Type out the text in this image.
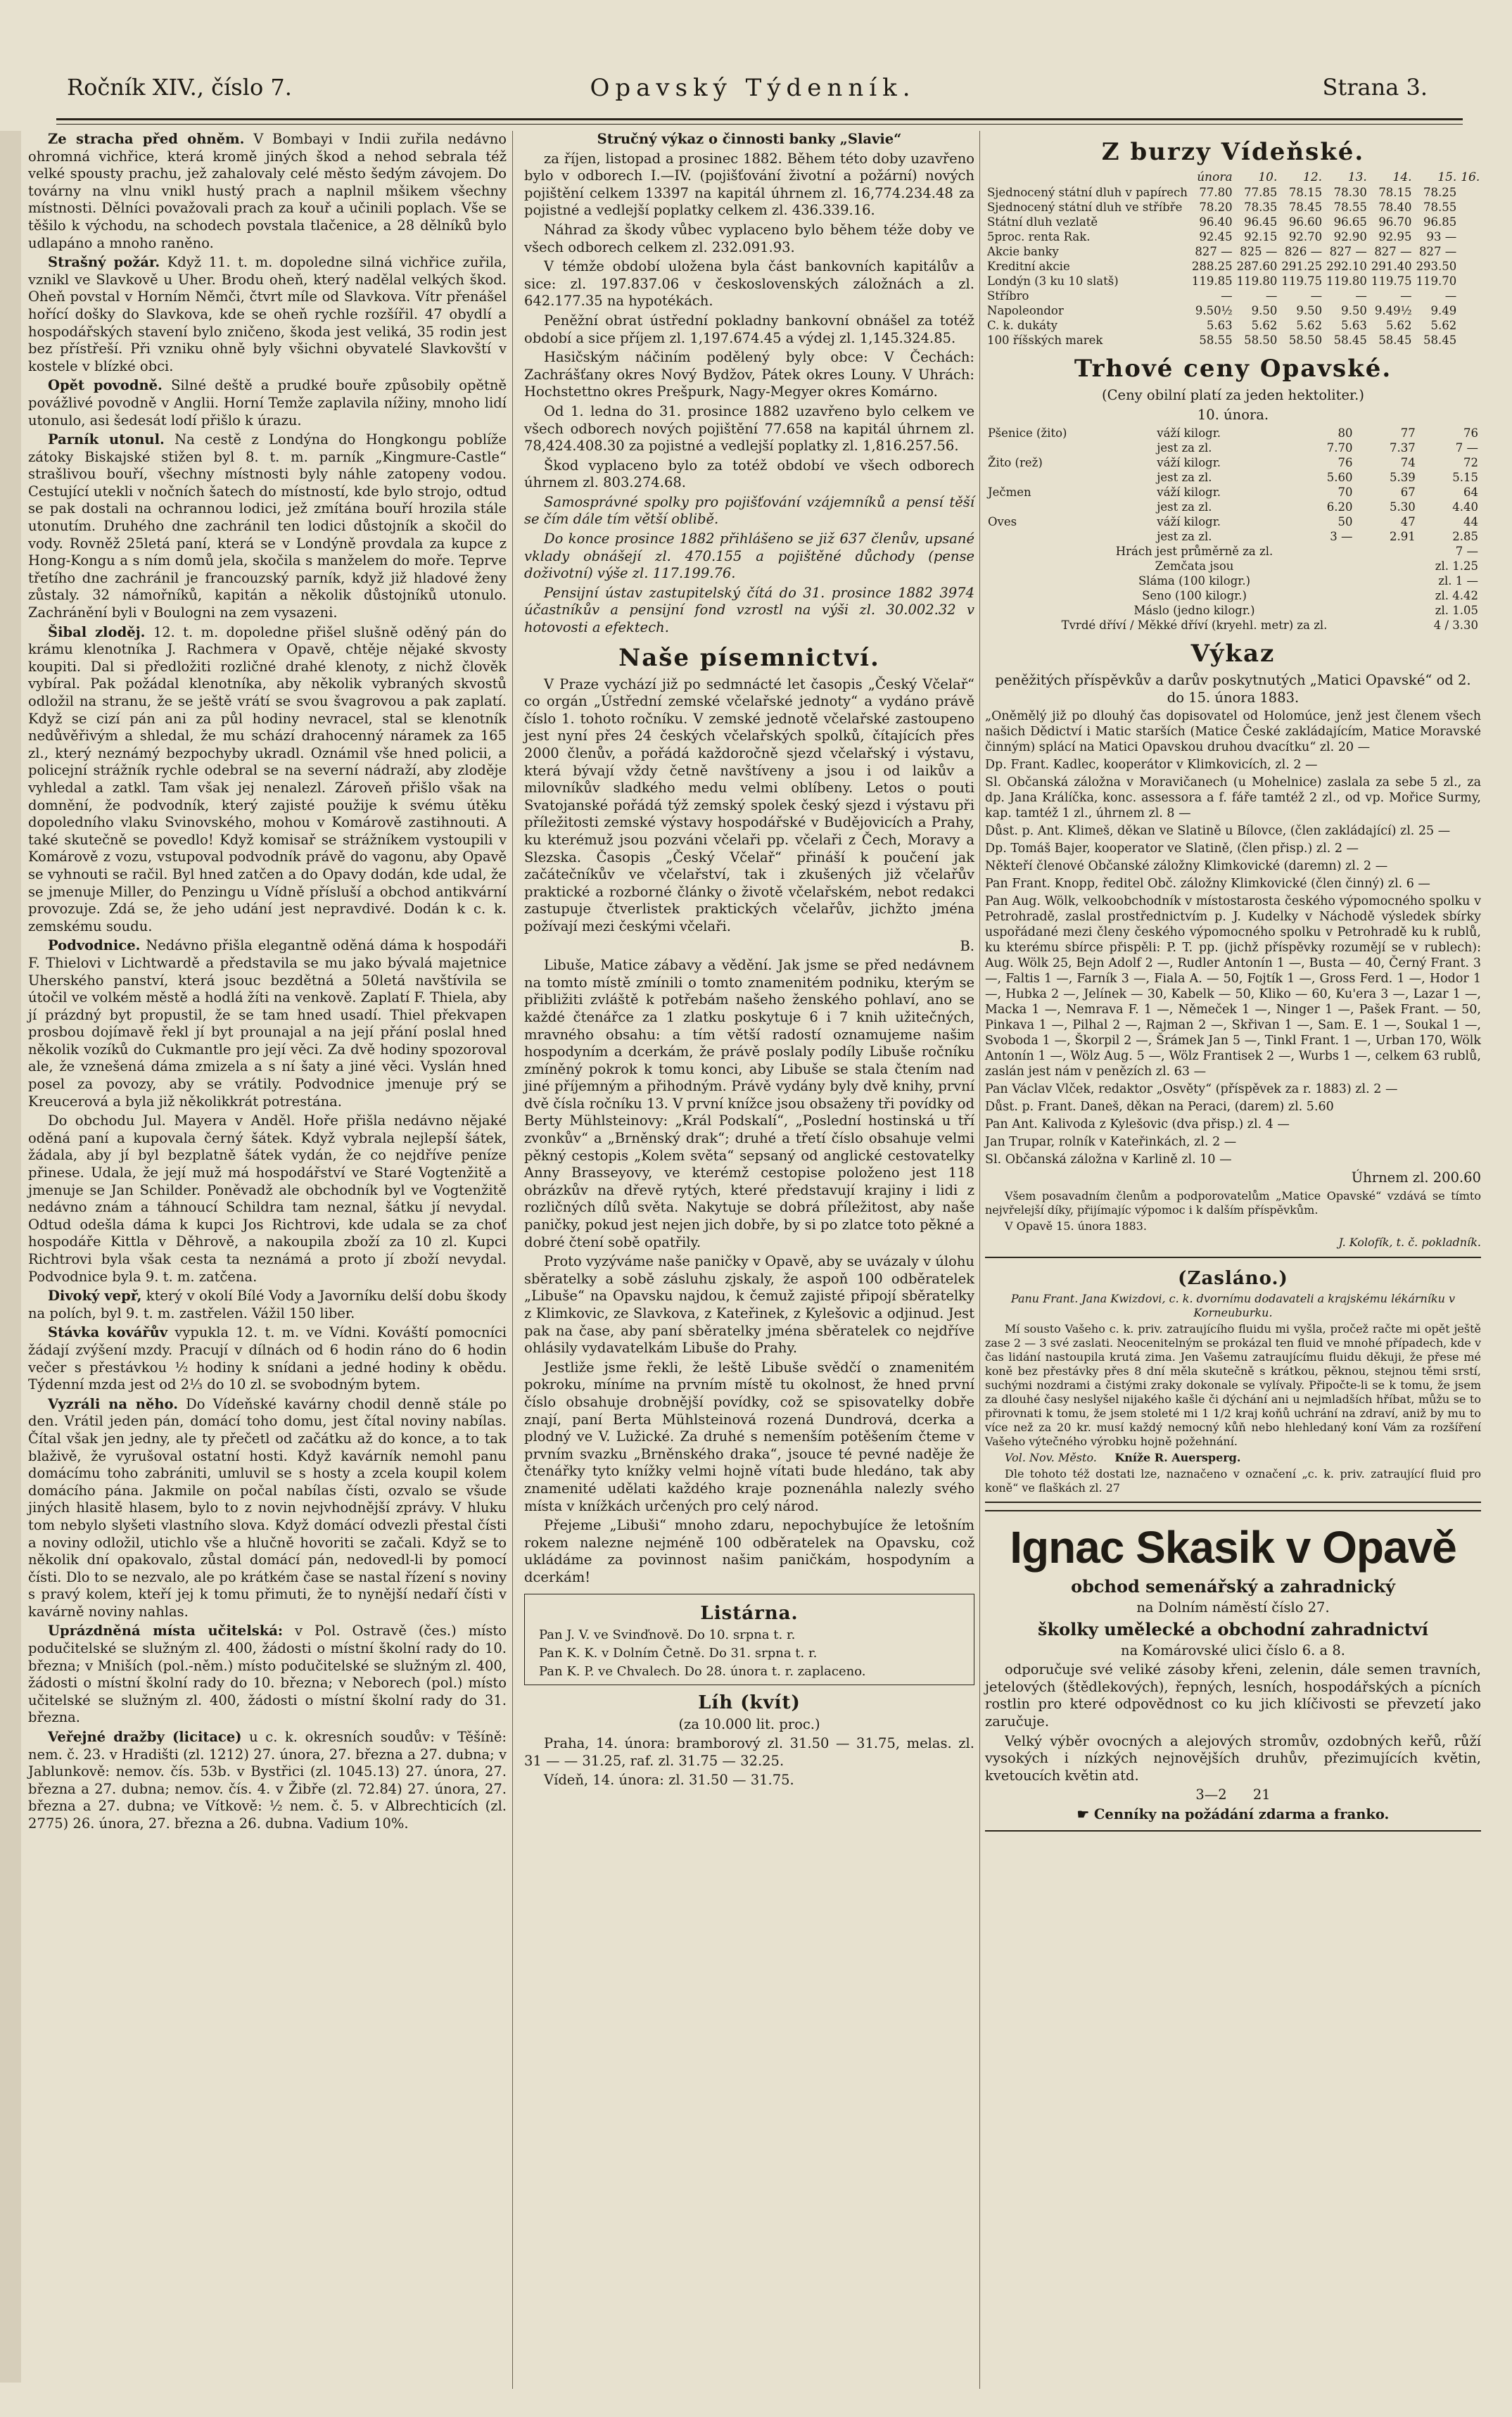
Ročník XIV., číslo 7.	Opavský Týdenník.	Strana 3.

Ze stracha před ohněm. V Bombayi v Indii zuřila nedávno ohromná vichřice, která kromě jiných škod a nehod sebrala též velké spousty prachu, jež zahalovaly celé město šedým závojem. Do továrny na vlnu vnikl hustý prach a naplnil mšikem všechny místnosti. Dělníci považovali prach za kouř a učinili poplach. Vše se těšilo k východu, na schodech povstala tlačenice, a 28 dělníků bylo udlapáno a mnoho raněno.

Strašný požár. Když 11. t. m. dopoledne silná vichřice zuřila, vznikl ve Slavkově u Uher. Brodu oheň, který nadělal velkých škod. Oheň povstal v Horním Němči, čtvrt míle od Slavkova. Vítr přenášel hořící došky do Slavkova, kde se oheň rychle rozšířil. 47 obydlí a hospodářských stavení bylo zničeno, škoda jest veliká, 35 rodin jest bez přístřeší. Při vzniku ohně byly všichni obyvatelé Slavkovští v kostele v blízké obci.

Opět povodně. Silné deště a prudké bouře způsobily opětně povážlivé povodně v Anglii. Horní Temže zaplavila nížiny, mnoho lidí utonulo, asi šedesát lodí přišlo k úrazu.

Parník utonul. Na cestě z Londýna do Hongkongu poblíže zátoky Biskajské stižen byl 8. t. m. parník „Kingmure-Castle“ strašlivou bouří, všechny místnosti byly náhle zatopeny vodou. Cestující utekli v nočních šatech do místností, kde bylo strojo, odtud se pak dostali na ochrannou lodici, jež zmítána bouří hrozila stále utonutím. Druhého dne zachránil ten lodici důstojník a skočil do vody. Rovněž 25letá paní, která se v Londýně provdala za kupce z Hong-Kongu a s ním domů jela, skočila s manželem do moře. Teprve třetího dne zachránil je francouzský parník, když již hladové ženy zůstaly. 32 námořníků, kapitán a několik důstojníků utonulo. Zachránění byli v Boulogni na zem vysazeni.

Šibal zloděj. 12. t. m. dopoledne přišel slušně oděný pán do krámu klenotníka J. Rachmera v Opavě, chtěje nějaké skvosty koupiti. Dal si předložiti rozličné drahé klenoty, z nichž člověk vybíral. Pak požádal klenotníka, aby několik vybraných skvostů odložil na stranu, že se ještě vrátí se svou švagrovou a pak zaplatí. Když se cizí pán ani za půl hodiny nevracel, stal se klenotník nedůvěřivým a shledal, že mu schází drahocenný náramek za 165 zl., který neznámý bezpochyby ukradl. Oznámil vše hned policii, a policejní strážník rychle odebral se na severní nádraží, aby zloděje vyhledal a zatkl. Tam však jej nenalezl. Zároveň přišlo však na domnění, že podvodník, který zajisté použije k svému útěku dopoledního vlaku Svinovského, mohou v Komárově zastihnouti. A také skutečně se povedlo! Když komisař se strážníkem vystoupili v Komárově z vozu, vstupoval podvodník právě do vagonu, aby Opavě se vyhnouti se račil. Byl hned zatčen a do Opavy dodán, kde udal, že se jmenuje Miller, do Penzingu u Vídně přísluší a obchod antikvární provozuje. Zdá se, že jeho udání jest nepravdivé. Dodán k c. k. zemskému soudu.

Podvodnice. Nedávno přišla elegantně oděná dáma k hospodáři F. Thielovi v Lichtwardě a představila se mu jako bývalá majetnice Uherského panství, která jsouc bezdětná a 50letá navštívila se útočil ve volkém městě a hodlá žíti na venkově. Zaplatí F. Thiela, aby jí prázdný byt propustil, že se tam hned usadí. Thiel překvapen prosbou dojímavě řekl jí byt prounajal a na její přání poslal hned několik vozíků do Cukmantle pro její věci. Za dvě hodiny spozoroval ale, že vznešená dáma zmizela a s ní šaty a jiné věci. Vyslán hned posel za povozy, aby se vrátily. Podvodnice jmenuje prý se Kreucerová a byla již několikkrát potrestána.

Do obchodu Jul. Mayera v Anděl. Hoře přišla nedávno nějaké oděná paní a kupovala černý šátek. Když vybrala nejlepší šátek, žádala, aby jí byl bezplatně šátek vydán, že co nejdříve peníze přinese. Udala, že její muž má hospodářství ve Staré Vogtenžitě a jmenuje se Jan Schilder. Poněvadž ale obchodník byl ve Vogtenžitě nedávno znám a táhnoucí Schildra tam neznal, šátku jí nevydal. Odtud odešla dáma k kupci Jos Richtrovi, kde udala se za choť hospodáře Kittla v Děhrově, a nakoupila zboží za 10 zl. Kupci Richtrovi byla však cesta ta neznámá a proto jí zboží nevydal. Podvodnice byla 9. t. m. zatčena.

Divoký vepř, který v okolí Bílé Vody a Javorníku delší dobu škody na polích, byl 9. t. m. zastřelen. Vážil 150 liber.

Stávka kovářův vypukla 12. t. m. ve Vídni. Kováští pomocníci žádají zvýšení mzdy. Pracují v dílnách od 6 hodin ráno do 6 hodin večer s přestávkou ½ hodiny k snídani a jedné hodiny k obědu. Týdenní mzda jest od 2⅓ do 10 zl. se svobodným bytem.

Vyzráli na něho. Do Vídeňské kavárny chodil denně stále po den. Vrátil jeden pán, domácí toho domu, jest čítal noviny nabílas. Čítal však jen jedny, ale ty přečetl od začátku až do konce, a to tak blaživě, že vyrušoval ostatní hosti. Když kavárník nemohl panu domácímu toho zabrániti, umluvil se s hosty a zcela koupil kolem domácího pána. Jakmile on počal nabílas čísti, ozvalo se všude jiných hlasitě hlasem, bylo to z novin nejvhodnější zprávy. V hluku tom nebylo slyšeti vlastního slova. Když domácí odvezli přestal čísti a noviny odložil, utichlo vše a hlučně hovoriti se začali. Když se to několik dní opakovalo, zůstal domácí pán, nedovedl-li by pomocí čísti. Dlo to se nezvalo, ale po krátkém čase se nastal řízení s noviny s pravý kolem, kteří jej k tomu přimuti, že to nynější nedaří čísti v kavárně noviny nahlas.

Uprázdněná místa učitelská: v Pol. Ostravě (čes.) místo podučitelské se služným zl. 400, žádosti o místní školní rady do 10. března; v Mniších (pol.-něm.) místo podučitelské se služným zl. 400, žádosti o místní školní rady do 10. března; v Neborech (pol.) místo učitelské se služným zl. 400, žádosti o místní školní rady do 31. března.

Veřejné dražby (licitace) u c. k. okresních soudův: v Těšíně: nem. č. 23. v Hradišti (zl. 1212) 27. února, 27. března a 27. dubna; v Jablunkově: nemov. čís. 53b. v Bystřici (zl. 1045.13) 27. února, 27. března a 27. dubna; nemov. čís. 4. v Žibře (zl. 72.84) 27. února, 27. března a 27. dubna; ve Vítkově: ½ nem. č. 5. v Albrechticích (zl. 2775) 26. února, 27. března a 26. dubna. Vadium 10%.

Stručný výkaz o činnosti banky „Slavie“

za říjen, listopad a prosinec 1882. Během této doby uzavřeno bylo v odborech I.—IV. (pojišťování životní a požární) nových pojištění celkem 13397 na kapitál úhrnem zl. 16,774.234.48 za pojistné a vedlejší poplatky celkem zl. 436.339.16.

Náhrad za škody vůbec vyplaceno bylo během téže doby ve všech odborech celkem zl. 232.091.93.

V témže období uložena byla část bankovních kapitálův a sice: zl. 197.837.06 v československých záložnách a zl. 642.177.35 na hypotékách.

Peněžní obrat ústřední pokladny bankovní obnášel za totéž období a sice příjem zl. 1,197.674.45 a výdej zl. 1,145.324.85.

Hasičským náčiním podělený byly obce: V Čechách: Zachrášťany okres Nový Bydžov, Pátek okres Louny. V Uhrách: Hochstettno okres Prešpurk, Nagy-Megyer okres Komárno.

Od 1. ledna do 31. prosince 1882 uzavřeno bylo celkem ve všech odborech nových pojištění 77.658 na kapitál úhrnem zl. 78,424.408.30 za pojistné a vedlejší poplatky zl. 1,816.257.56.

Škod vyplaceno bylo za totéž období ve všech odborech úhrnem zl. 803.274.68.

Samosprávné spolky pro pojišťování vzájemníků a pensí těší se čím dále tím větší oblibě.

Do konce prosince 1882 přihlášeno se již 637 členův, upsané vklady obnášejí zl. 470.155 a pojištěné důchody (pense doživotní) výše zl. 117.199.76.

Pensijní ústav zastupitelský čítá do 31. prosince 1882 3974 účastníkův a pensijní fond vzrostl na výši zl. 30.002.32 v hotovosti a efektech.

Naše písemnictví.

V Praze vychází již po sedmnácté let časopis „Český Včelař“ co orgán „Ústřední zemské včelařské jednoty“ a vydáno právě číslo 1. tohoto ročníku. V zemské jednotě včelařské zastoupeno jest nyní přes 24 českých včelařských spolků, čítajících přes 2000 členův, a pořádá každoročně sjezd včelařský i výstavu, která bývají vždy četně navštíveny a jsou i od laikův a milovníkův sladkého medu velmi oblíbeny. Letos o pouti Svatojanské pořádá týž zemský spolek český sjezd i výstavu při příležitosti zemské výstavy hospodářské v Budějovicích a Prahy, ku kterémuž jsou pozváni včelaři pp. včelaři z Čech, Moravy a Slezska. Časopis „Český Včelař“ přináší k poučení jak začátečníkův ve včelařství, tak i zkušených již včelařův praktické a rozborné články o životě včelařském, nebot redakci zastupuje čtverlistek praktických včelařův, jichžto jména požívají mezi českými včelaři.

B.

Libuše, Matice zábavy a vědění. Jak jsme se před nedávnem na tomto místě zmínili o tomto znamenitém podniku, kterým se přibližiti zvláště k potřebám našeho ženského pohlaví, ano se každé čtenářce za 1 zlatku poskytuje 6 i 7 knih užitečných, mravného obsahu: a tím větší radostí oznamujeme našim hospodyním a dcerkám, že právě poslaly podíly Libuše ročníku zmíněný pokrok k tomu konci, aby Libuše se stala čtením nad jiné příjemným a přihodným. Právě vydány byly dvě knihy, první dvě čísla ročníku 13. V první knížce jsou obsaženy tři povídky od Berty Mühlsteinovy: „Král Podskalí“, „Poslední hostinská u tří zvonkův“ a „Brněnský drak“; druhé a třetí číslo obsahuje velmi pěkný cestopis „Kolem světa“ sepsaný od anglické cestovatelky Anny Brasseyovy, ve kterémž cestopise položeno jest 118 obrázkův na dřevě rytých, které představují krajiny i lidi z rozličných dílů světa. Nakytuje se dobrá příležitost, aby naše paničky, pokud jest nejen jich dobře, by si po zlatce toto pěkné a dobré čtení sobě opatřily.

Proto vyzýváme naše paničky v Opavě, aby se uvázaly v úlohu sběratelky a sobě zásluhu zjskaly, že aspoň 100 odběratelek „Libuše“ na Opavsku najdou, k čemuž zajisté připojí sběratelky z Klimkovic, ze Slavkova, z Kateřinek, z Kylešovic a odjinud. Jest pak na čase, aby paní sběratelky jména sběratelek co nejdříve ohlásily vydavatelkám Libuše do Prahy.

Jestliže jsme řekli, že leště Libuše svědčí o znamenitém pokroku, míníme na prvním místě tu okolnost, že hned první číslo obsahuje drobnější povídky, což se spisovatelky dobře znají, paní Berta Mühlsteinová rozená Dundrová, dcerka a plodný ve V. Lužické. Za druhé s nemenším potěšením čteme v prvním svazku „Brněnského draka“, jsouce té pevné naděje že čtenářky tyto knížky velmi hojně vítati bude hledáno, tak aby znamenité udělati každého kraje poznenáhla nalezly svého místa v knížkách určených pro celý národ.

Přejeme „Libuši“ mnoho zdaru, nepochybujíce že letošním rokem nalezne nejméně 100 odběratelek na Opavsku, což ukládáme za povinnost našim paničkám, hospodyním a dcerkám!

Listárna.

Pan J. V. ve Svinďnově. Do 10. srpna t. r.

Pan K. K. v Dolním Četně. Do 31. srpna t. r.

Pan K. P. ve Chvalech. Do 28. února t. r. zaplaceno.

Líh (kvít)

(za 10.000 lit. proc.)

Praha, 14. února: bramborový zl. 31.50 — 31.75, melas. zl. 31 — — 31.25, raf. zl. 31.75 — 32.25.

Vídeň, 14. února: zl. 31.50 — 31.75.

Z burzy Vídeňské.
	února	10.	12.	13.	14.	15.	16.
Sjednocený státní dluh v papírech	77.80	77.85	78.15	78.30	78.15	78.25	
Sjednocený státní dluh ve stříbře	78.20	78.35	78.45	78.55	78.40	78.55	
Státní dluh vezlatě	96.40	96.45	96.60	96.65	96.70	96.85	
5proc. renta Rak.	92.45	92.15	92.70	92.90	92.95	93 —	
Akcie banky	827 —	825 —	826 —	827 —	827 —	827 —	
Kreditní akcie	288.25	287.60	291.25	292.10	291.40	293.50	
Londýn (3 ku 10 slatš)	119.85	119.80	119.75	119.80	119.75	119.70	
Stříbro	—	—	—	—	—	—	
Napoleondor	9.50½	9.50	9.50	9.50	9.49½	9.49	
C. k. dukáty	5.63	5.62	5.62	5.63	5.62	5.62	
100 říšských marek	58.55	58.50	58.50	58.45	58.45	58.45	
Trhové ceny Opavské.

(Ceny obilní platí za jeden hektoliter.)

10. února.

Pšenice (žito)	váží kilogr.	80	77	76
	jest za zl.	7.70	7.37	7 —
Žito (rež)	váží kilogr.	76	74	72
	jest za zl.	5.60	5.39	5.15
Ječmen	váží kilogr.	70	67	64
	jest za zl.	6.20	5.30	4.40
Oves	váží kilogr.	50	47	44
	jest za zl.	3 —	2.91	2.85
Hrách jest průměrně za zl.	7 —
Zemčata jsou	zl. 1.25
Sláma (100 kilogr.)	zl. 1 —
Seno (100 kilogr.)	zl. 4.42
Máslo (jedno kilogr.)	zl. 1.05
Tvrdé dříví / Měkké dříví (kryehl. metr) za zl.	4 / 3.30
Výkaz

peněžitých příspěvkův a darův poskytnutých „Matici Opavské“ od 2. do 15. února 1883.

„Oněmělý již po dlouhý čas dopisovatel od Holomúce, jenž jest členem všech našich Dědictví i Matic starších (Matice České zakládajícím, Matice Moravské činným) splácí na Matici Opavskou druhou dvacítku“ zl. 20 —

Dp. Frant. Kadlec, kooperátor v Klimkovicích, zl. 2 —

Sl. Občanská záložna v Moravičanech (u Mohelnice) zaslala za sebe 5 zl., za dp. Jana Králíčka, konc. assessora a f. fáře tamtéž 2 zl., od vp. Mořice Surmy, kap. tamtéž 1 zl., úhrnem zl. 8 —

Důst. p. Ant. Klimeš, děkan ve Slatině u Bílovce, (člen zakládající) zl. 25 —

Dp. Tomáš Bajer, kooperator ve Slatině, (člen přisp.) zl. 2 —

Někteří členové Občanské záložny Klimkovické (daremn) zl. 2 —

Pan Frant. Knopp, ředitel Obč. záložny Klimkovické (člen činný) zl. 6 —

Pan Aug. Wölk, velkoobchodník v místostarosta českého výpomocného spolku v Petrohradě, zaslal prostřednictvím p. J. Kudelky v Náchodě výsledek sbírky uspořádané mezi členy českého výpomocného spolku v Petrohradě ku k rublů, ku kterému sbírce přispěli: P. T. pp. (jichž příspěvky rozumějí se v rublech): Aug. Wölk 25, Bejn Adolf 2 —, Rudler Antonín 1 —, Busta — 40, Černý Frant. 3 —, Faltis 1 —, Farník 3 —, Fiala A. — 50, Fojtík 1 —, Gross Ferd. 1 —, Hodor 1 —, Hubka 2 —, Jelínek — 30, Kabelk — 50, Kliko — 60, Ku'era 3 —, Lazar 1 —, Macka 1 —, Nemrava F. 1 —, Němeček 1 —, Ninger 1 —, Pašek Frant. — 50, Pinkava 1 —, Pilhal 2 —, Rajman 2 —, Skřivan 1 —, Sam. E. 1 —, Soukal 1 —, Svoboda 1 —, Škorpil 2 —, Šrámek Jan 5 —, Tinkl Frant. 1 —, Urban 170, Wölk Antonín 1 —, Wölz Aug. 5 —, Wölz Frantisek 2 —, Wurbs 1 —, celkem 63 rublů, zaslán jest nám v penězích zl. 63 —

Pan Václav Vlček, redaktor „Osvěty“ (příspěvek za r. 1883) zl. 2 —

Důst. p. Frant. Daneš, děkan na Peraci, (darem) zl. 5.60

Pan Ant. Kalivoda z Kylešovic (dva přisp.) zl. 4 —

Jan Trupar, rolník v Kateřinkách, zl. 2 —

Sl. Občanská záložna v Karlině zl. 10 —

Úhrnem zl. 200.60

Všem posavadním členům a podporovatelům „Matice Opavské“ vzdává se tímto nejvřelejší díky, přijímajíc výpomoc i k dalším příspěvkům.

V Opavě 15. února 1883.

J. Kolofík, t. č. pokladník.

(Zasláno.)

Panu Frant. Jana Kwizdovi, c. k. dvornímu dodavateli a krajskému lékárníku v Korneuburku.

Mí sousto Vašeho c. k. priv. zatraujícího fluidu mi vyšla, pročež račte mi opět ještě zase 2 — 3 své zaslati. Neocenitelným se prokázal ten fluid ve mnohé případech, kde v čas lidání nastoupila krutá zima. Jen Vašemu zatraujícímu fluidu děkuji, že přese mé koně bez přestávky přes 8 dní měla skutečně s krátkou, pěknou, stejnou těmi srstí, suchými nozdrami a čistými zraky dokonale se vylívaly. Připočte-li se k tomu, že jsem za dlouhé časy neslyšel nijakého kašle či dýchání ani u nejmladších hříbat, můžu se to přirovnati k tomu, že jsem stoleté mi 1 1/2 kraj koňů uchrání na zdraví, aniž by mu to více než za 20 kr. musí každý nemocný kůň nebo hlehledaný koní Vám za rozšíření Vašeho výtečného výrobku hojně požehnání.

Vol. Nov. Město. Kníže R. Auersperg.

Dle tohoto též dostati lze, naznačeno v označení „c. k. priv. zatraující fluid pro koně“ ve flaškách zl. 27

Ignac Skasik v Opavě

obchod semenářský a zahradnický

na Dolním náměstí číslo 27.

školky umělecké a obchodní zahradnictví

na Komárovské ulici číslo 6. a 8.

odporučuje své veliké zásoby křeni, zelenin, dále semen travních, jetelových (štědlekových), řepných, lesních, hospodářských a pícních rostlin pro které odpovědnost co ku jich klíčivosti se převzetí jako zaručuje.

Velký výběr ovocných a alejových stromův, ozdobných keřů, růží vysokých i nízkých nejnovějších druhův, přezimujících květin, kvetoucích květin atd.

3—2 21

☛ Cenníky na požádání zdarma a franko.
